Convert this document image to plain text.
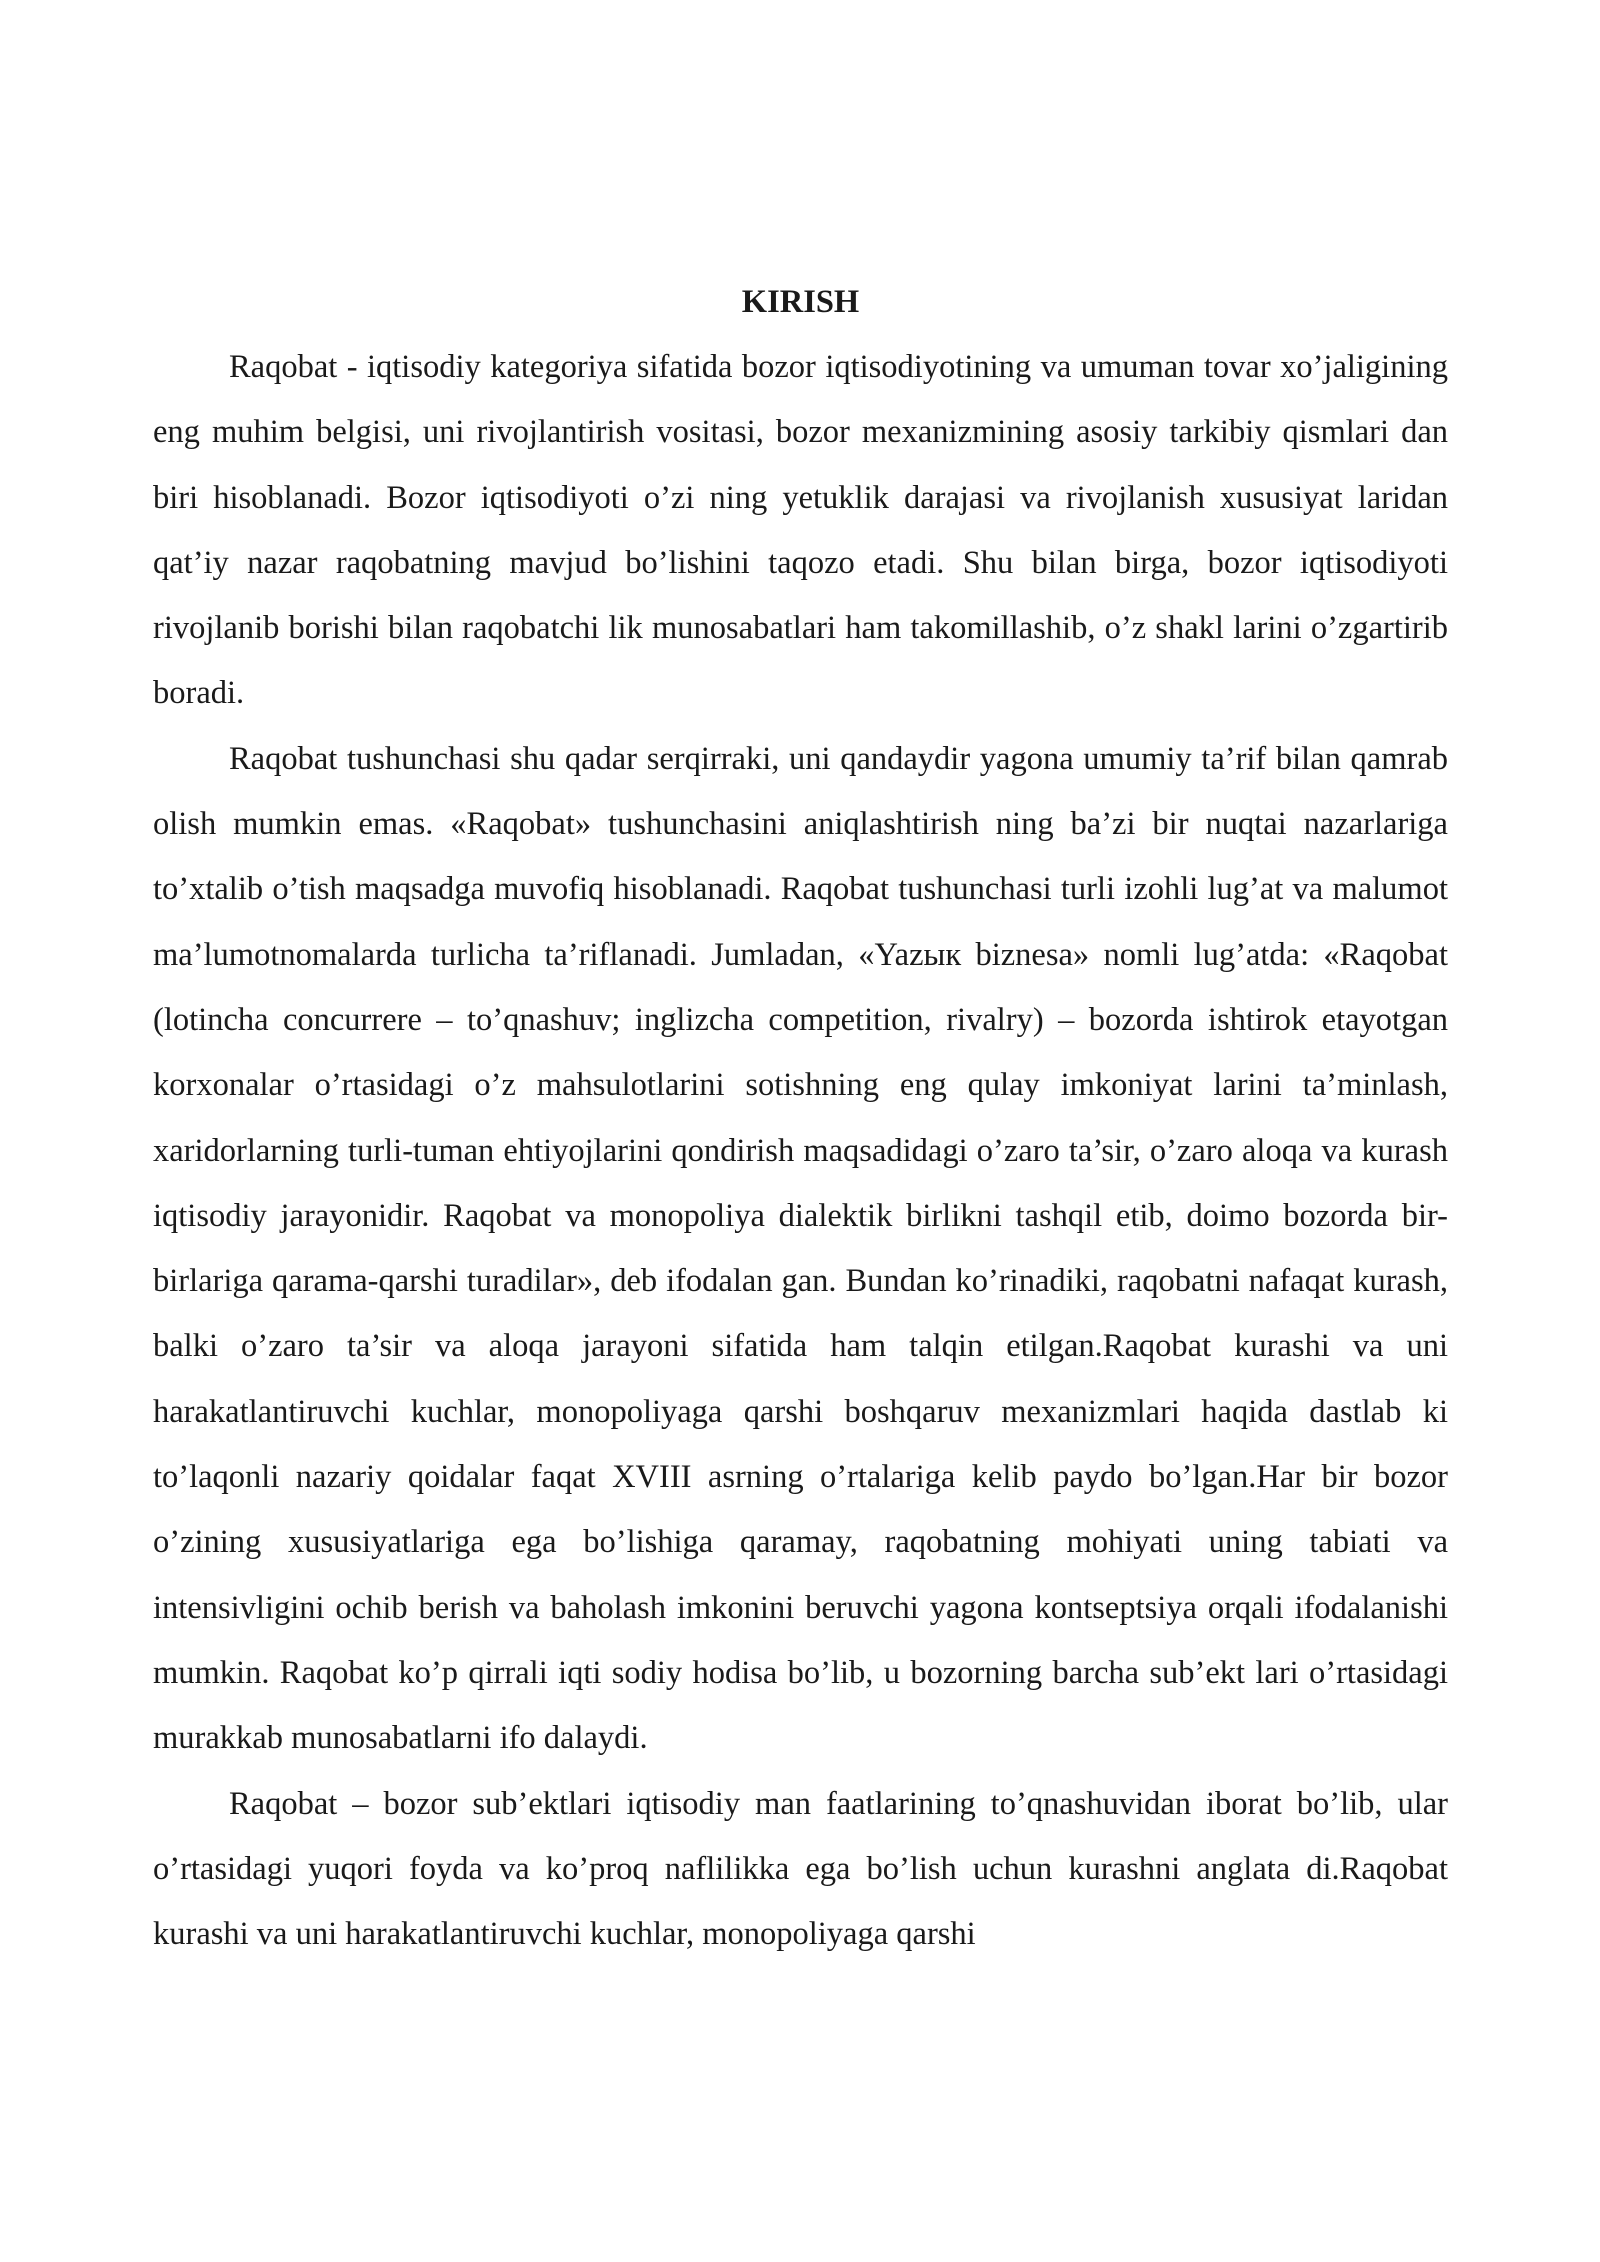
KIRISH

Raqobat - iqtisodiy kategoriya sifatida bozor iqtisodiyotining va umuman tovar xo’jaligining eng muhim belgisi, uni rivojlantirish vositasi, bozor mexanizmining asosiy tarkibiy qismlari dan biri hisoblanadi. Bozor iqtisodiyoti o’zi ning yetuklik darajasi va rivojlanish xususiyat laridan qat’iy nazar raqobatning mavjud bo’lishini taqozo etadi. Shu bilan birga, bozor iqtisodiyoti rivojlanib borishi bilan raqobatchi lik munosabatlari ham takomillashib, o’z shakl larini o’zgartirib boradi.

Raqobat tushunchasi shu qadar serqirraki, uni qandaydir yagona umumiy ta’rif bilan qamrab olish mumkin emas. «Raqobat» tushunchasini aniqlashtirish ning ba’zi bir nuqtai nazarlariga to’xtalib o’tish maqsadga muvofiq hisoblanadi. Raqobat tushunchasi turli izohli lug’at va malumot ma’lumotnomalarda turlicha ta’riflanadi. Jumladan, «Yazык biznesa» nomli lug’atda: «Raqobat (lotincha concurrere – to’qnashuv; inglizcha competition, rivalry) – bozorda ishtirok etayotgan korxonalar o’rtasidagi o’z mahsulotlarini sotishning eng qulay imkoniyat larini ta’minlash, xaridorlarning turli-tuman ehtiyojlarini qondirish maqsadidagi o’zaro ta’sir, o’zaro aloqa va kurash iqtisodiy jarayonidir. Raqobat va monopoliya dialektik birlikni tashqil etib, doimo bozorda bir-birlariga qarama-qarshi turadilar», deb ifodalan gan. Bundan ko’rinadiki, raqobatni nafaqat kurash, balki o’zaro ta’sir va aloqa jarayoni sifatida ham talqin etilgan.Raqobat kurashi va uni harakatlantiruvchi kuchlar, monopoliyaga qarshi boshqaruv mexanizmlari haqida dastlab ki to’laqonli nazariy qoidalar faqat XVIII asrning o’rtalariga kelib paydo bo’lgan.Har bir bozor o’zining xususiyatlariga ega bo’lishiga qaramay, raqobatning mohiyati uning tabiati va intensivligini ochib berish va baholash imkonini beruvchi yagona kontseptsiya orqali ifodalanishi mumkin. Raqobat ko’p qirrali iqti sodiy hodisa bo’lib, u bozorning barcha sub’ekt lari o’rtasidagi murakkab munosabatlarni ifo dalaydi.

Raqobat – bozor sub’ektlari iqtisodiy man faatlarining to’qnashuvidan iborat bo’lib, ular o’rtasidagi yuqori foyda va ko’proq naflilikka ega bo’lish uchun kurashni anglata di.Raqobat kurashi va uni harakatlantiruvchi kuchlar, monopoliyaga qarshi
